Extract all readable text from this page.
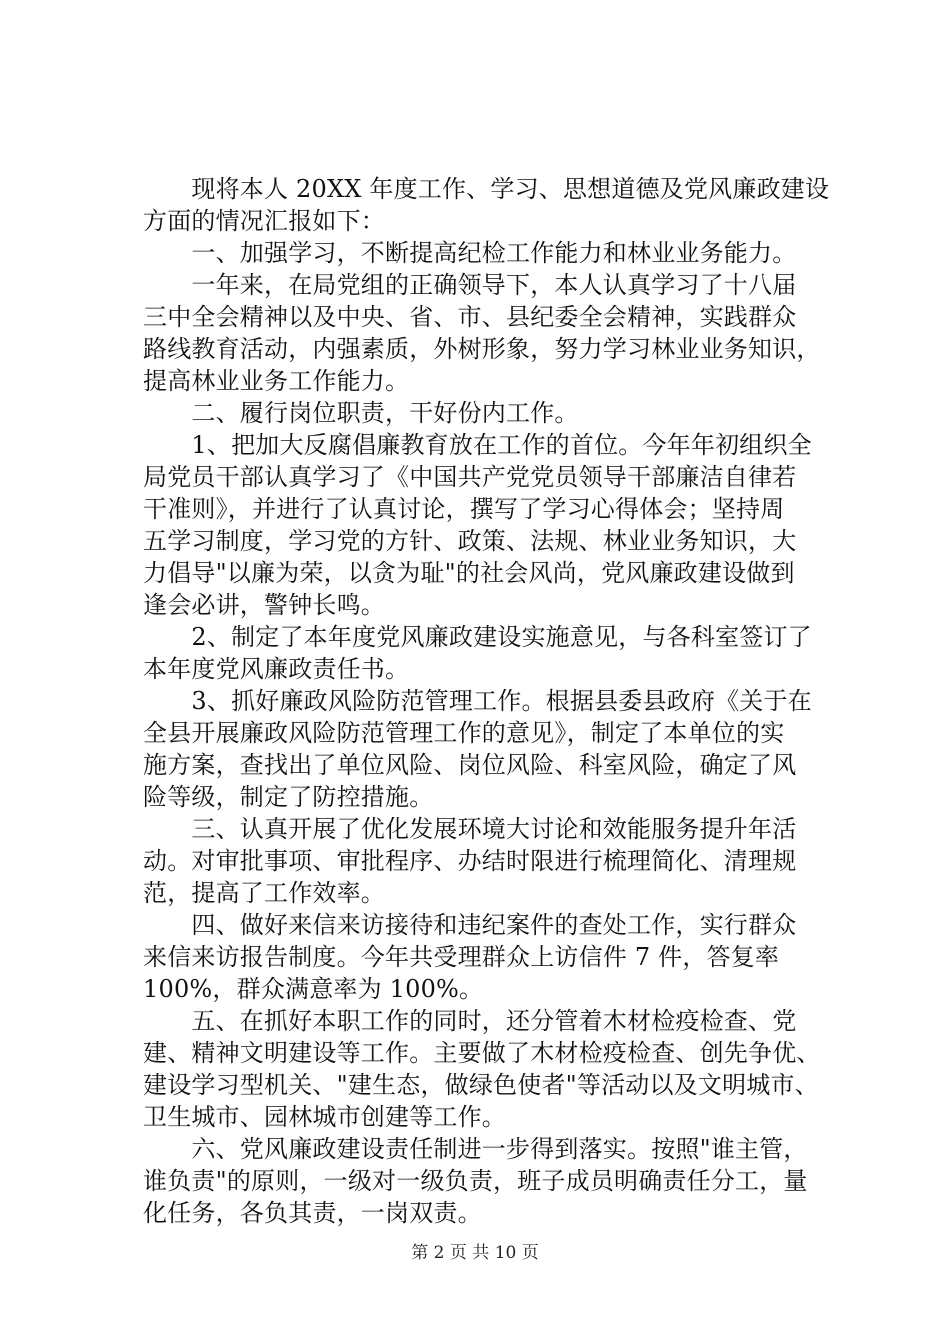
　　现将本人 20XX 年度工作、学习、思想道德及党风廉政建设
方面的情况汇报如下：
　　一、加强学习，不断提高纪检工作能力和林业业务能力。
　　一年来，在局党组的正确领导下，本人认真学习了十八届
三中全会精神以及中央、省、市、县纪委全会精神，实践群众
路线教育活动，内强素质，外树形象，努力学习林业业务知识，
提高林业业务工作能力。
　　二、履行岗位职责，干好份内工作。
　　1、把加大反腐倡廉教育放在工作的首位。今年年初组织全
局党员干部认真学习了《中国共产党党员领导干部廉洁自律若
干准则》，并进行了认真讨论，撰写了学习心得体会；坚持周
五学习制度，学习党的方针、政策、法规、林业业务知识，大
力倡导"以廉为荣，以贪为耻"的社会风尚，党风廉政建设做到
逢会必讲，警钟长鸣。
　　2、制定了本年度党风廉政建设实施意见，与各科室签订了
本年度党风廉政责任书。
　　3、抓好廉政风险防范管理工作。根据县委县政府《关于在
全县开展廉政风险防范管理工作的意见》，制定了本单位的实
施方案，查找出了单位风险、岗位风险、科室风险，确定了风
险等级，制定了防控措施。
　　三、认真开展了优化发展环境大讨论和效能服务提升年活
动。对审批事项、审批程序、办结时限进行梳理简化、清理规
范，提高了工作效率。
　　四、做好来信来访接待和违纪案件的查处工作，实行群众
来信来访报告制度。今年共受理群众上访信件 7 件，答复率
100%，群众满意率为 100%。
　　五、在抓好本职工作的同时，还分管着木材检疫检查、党
建、精神文明建设等工作。主要做了木材检疫检查、创先争优、
建设学习型机关、"建生态，做绿色使者"等活动以及文明城市、
卫生城市、园林城市创建等工作。
　　六、党风廉政建设责任制进一步得到落实。按照"谁主管，
谁负责"的原则，一级对一级负责，班子成员明确责任分工，量
化任务，各负其责，一岗双责。
第 2 页 共 10 页
